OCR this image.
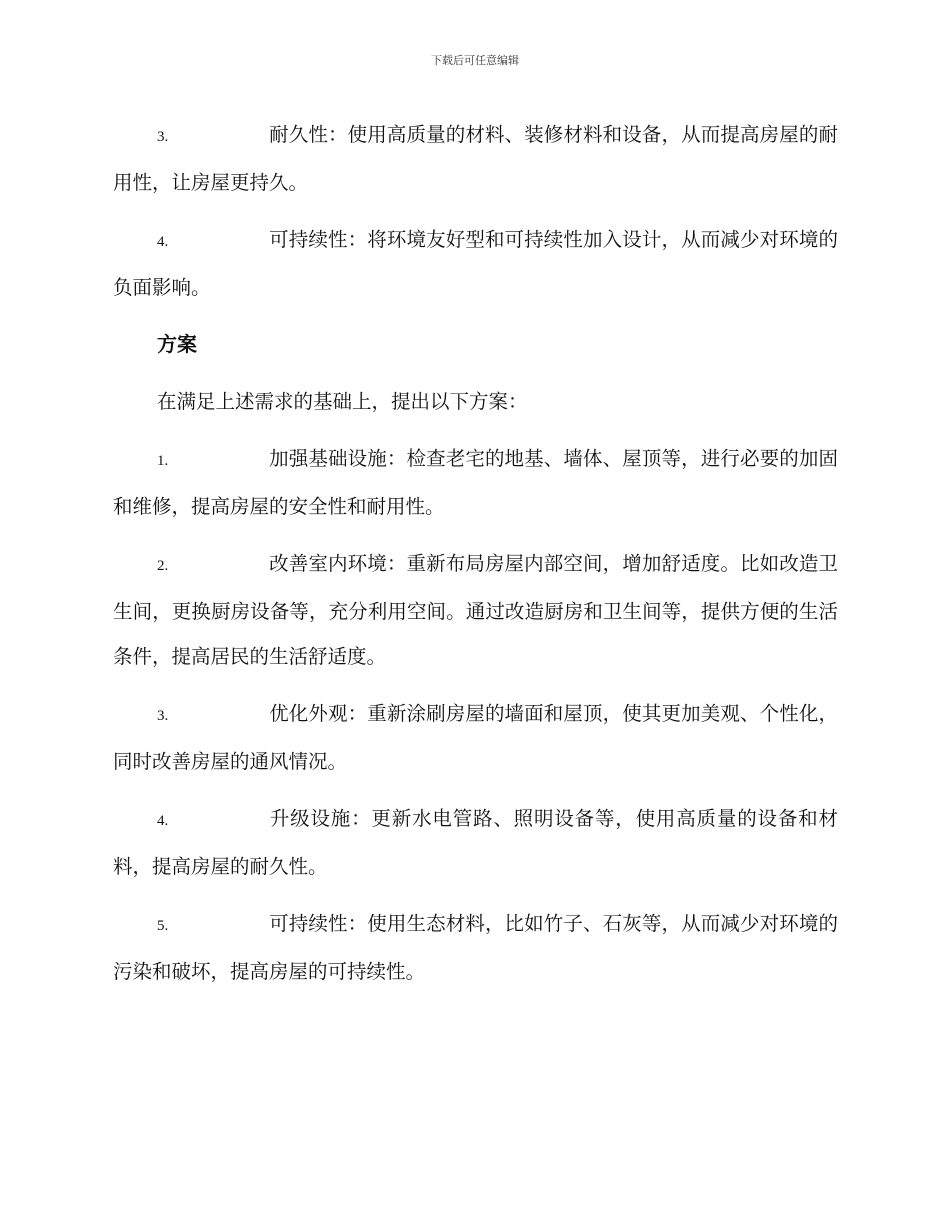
下载后可任意编辑

3.	耐久性：使用高质量的材料、装修材料和设备，从而提高房屋的耐用性，让房屋更持久。

4.	可持续性：将环境友好型和可持续性加入设计，从而减少对环境的负面影响。

方案

在满足上述需求的基础上，提出以下方案：

1.	加强基础设施：检查老宅的地基、墙体、屋顶等，进行必要的加固和维修，提高房屋的安全性和耐用性。

2.	改善室内环境：重新布局房屋内部空间，增加舒适度。比如改造卫生间，更换厨房设备等，充分利用空间。通过改造厨房和卫生间等，提供方便的生活条件，提高居民的生活舒适度。

3.	优化外观：重新涂刷房屋的墙面和屋顶，使其更加美观、个性化，同时改善房屋的通风情况。

4.	升级设施：更新水电管路、照明设备等，使用高质量的设备和材料，提高房屋的耐久性。

5.	可持续性：使用生态材料，比如竹子、石灰等，从而减少对环境的污染和破坏，提高房屋的可持续性。
